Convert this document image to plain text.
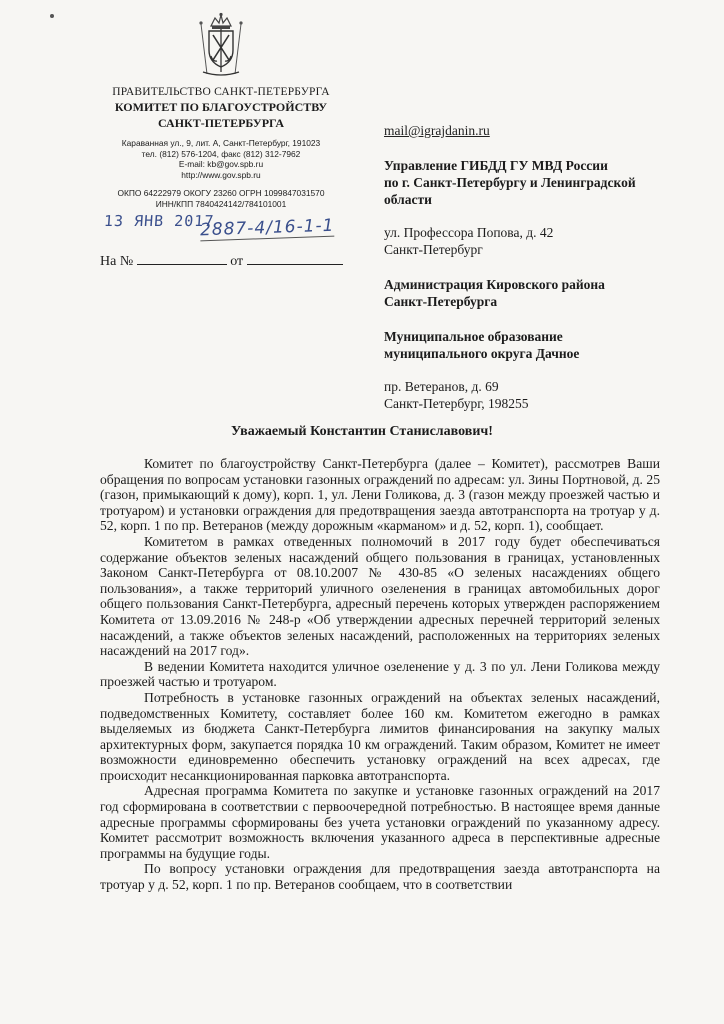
ПРАВИТЕЛЬСТВО САНКТ-ПЕТЕРБУРГА
КОМИТЕТ ПО БЛАГОУСТРОЙСТВУ
САНКТ-ПЕТЕРБУРГА
Караванная ул., 9, лит. А, Санкт-Петербург, 191023
тел. (812) 576-1204, факс (812) 312-7962
E-mail: kb@gov.spb.ru
http://www.gov.spb.ru
ОКПО 64222979 ОКОГУ 23260 ОГРН 1099847031570
ИНН/КПП 7840424142/784101001
13 ЯНВ 2017
2887-4/16-1-1
На №	от
mail@igrajdanin.ru
Управление ГИБДД ГУ МВД России
по г. Санкт-Петербургу и Ленинградской
области
ул. Профессора Попова, д. 42
Санкт-Петербург
Администрация Кировского района
Санкт-Петербурга
Муниципальное образование
муниципального округа Дачное
пр. Ветеранов, д. 69
Санкт-Петербург, 198255
Уважаемый Константин Станиславович!

Комитет по благоустройству Санкт-Петербурга (далее – Комитет), рассмотрев Ваши обращения по вопросам установки газонных ограждений по адресам: ул. Зины Портновой, д. 25 (газон, примыкающий к дому), корп. 1, ул. Лени Голикова, д. 3 (газон между проезжей частью и тротуаром) и установки ограждения для предотвращения заезда автотранспорта на тротуар у д. 52, корп. 1 по пр. Ветеранов (между дорожным «карманом» и д. 52, корп. 1), сообщает.

Комитетом в рамках отведенных полномочий в 2017 году будет обеспечиваться содержание объектов зеленых насаждений общего пользования в границах, установленных Законом Санкт-Петербурга от 08.10.2007 № 430-85 «О зеленых насаждениях общего пользования», а также территорий уличного озеленения в границах автомобильных дорог общего пользования Санкт-Петербурга, адресный перечень которых утвержден распоряжением Комитета от 13.09.2016 № 248-р «Об утверждении адресных перечней территорий зеленых насаждений, а также объектов зеленых насаждений, расположенных на территориях зеленых насаждений на 2017 год».

В ведении Комитета находится уличное озеленение у д. 3 по ул. Лени Голикова между проезжей частью и тротуаром.

Потребность в установке газонных ограждений на объектах зеленых насаждений, подведомственных Комитету, составляет более 160 км. Комитетом ежегодно в рамках выделяемых из бюджета Санкт-Петербурга лимитов финансирования на закупку малых архитектурных форм, закупается порядка 10 км ограждений. Таким образом, Комитет не имеет возможности единовременно обеспечить установку ограждений на всех адресах, где происходит несанкционированная парковка автотранспорта.

Адресная программа Комитета по закупке и установке газонных ограждений на 2017 год сформирована в соответствии с первоочередной потребностью. В настоящее время данные адресные программы сформированы без учета установки ограждений по указанному адресу. Комитет рассмотрит возможность включения указанного адреса в перспективные адресные программы на будущие годы.

По вопросу установки ограждения для предотвращения заезда автотранспорта на тротуар у д. 52, корп. 1 по пр. Ветеранов сообщаем, что в соответствии
